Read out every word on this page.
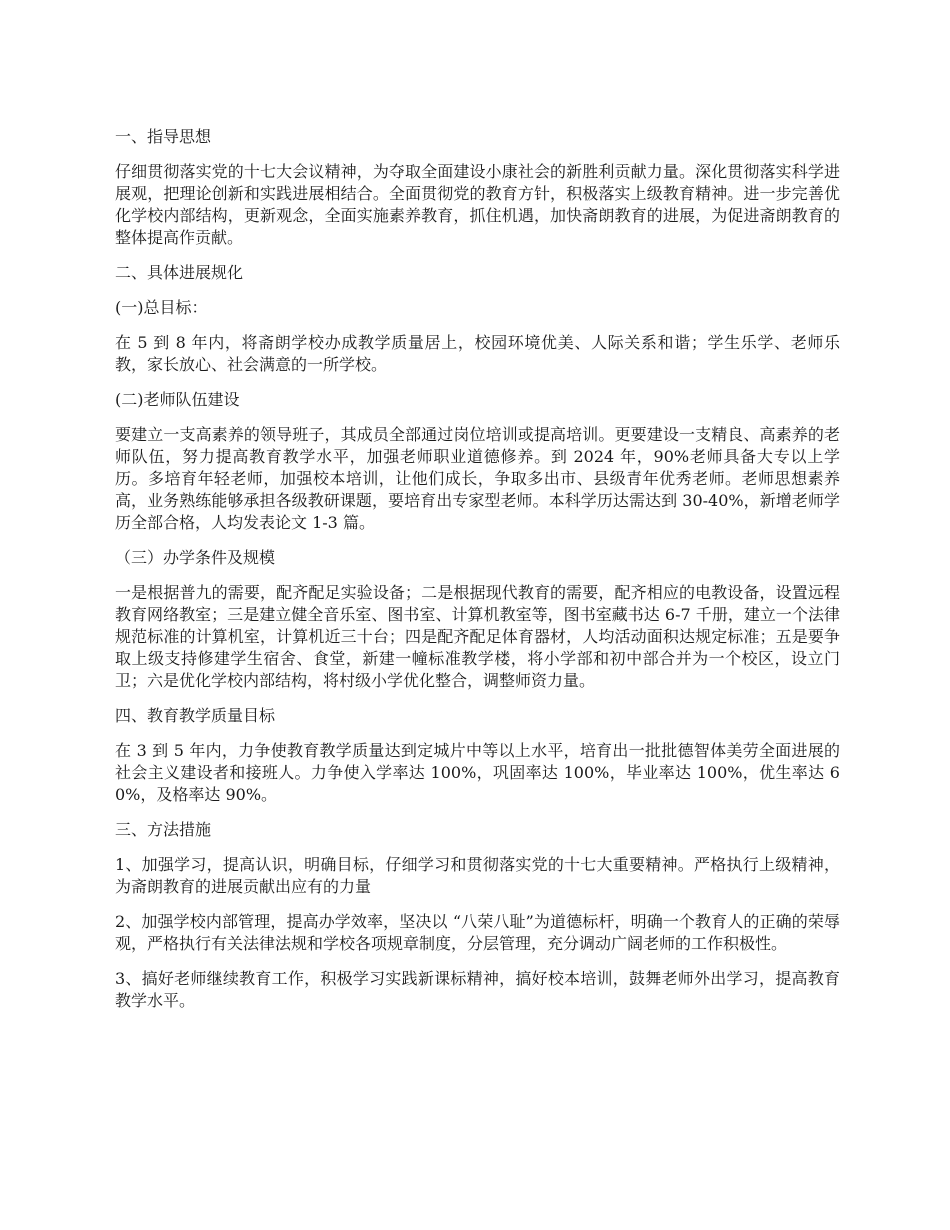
一、指导思想

仔细贯彻落实党的十七大会议精神，为夺取全面建设小康社会的新胜利贡献力量。深化贯彻落实科学进展观，把理论创新和实践进展相结合。全面贯彻党的教育方针，积极落实上级教育精神。进一步完善优化学校内部结构，更新观念，全面实施素养教育，抓住机遇，加快斋朗教育的进展，为促进斋朗教育的整体提高作贡献。

二、具体进展规化

(一)总目标：

在 5 到 8 年内，将斋朗学校办成教学质量居上，校园环境优美、人际关系和谐；学生乐学、老师乐教，家长放心、社会满意的一所学校。

(二)老师队伍建设

要建立一支高素养的领导班子，其成员全部通过岗位培训或提高培训。更要建设一支精良、高素养的老师队伍，努力提高教育教学水平，加强老师职业道德修养。到 2024 年，90%老师具备大专以上学历。多培育年轻老师，加强校本培训，让他们成长，争取多出市、县级青年优秀老师。老师思想素养高，业务熟练能够承担各级教研课题，要培育出专家型老师。本科学历达需达到 30-40%，新增老师学历全部合格，人均发表论文 1-3 篇。

（三）办学条件及规模

一是根据普九的需要，配齐配足实验设备；二是根据现代教育的需要，配齐相应的电教设备，设置远程教育网络教室；三是建立健全音乐室、图书室、计算机教室等，图书室藏书达 6-7 千册，建立一个法律规范标准的计算机室，计算机近三十台；四是配齐配足体育器材，人均活动面积达规定标准；五是要争取上级支持修建学生宿舍、食堂，新建一幢标准教学楼，将小学部和初中部合并为一个校区，设立门卫；六是优化学校内部结构，将村级小学优化整合，调整师资力量。

四、教育教学质量目标

在 3 到 5 年内，力争使教育教学质量达到定城片中等以上水平，培育出一批批德智体美劳全面进展的社会主义建设者和接班人。力争使入学率达 100%，巩固率达 100%，毕业率达 100%，优生率达 60%，及格率达 90%。

三、方法措施

1、加强学习，提高认识，明确目标，仔细学习和贯彻落实党的十七大重要精神。严格执行上级精神，为斋朗教育的进展贡献出应有的力量

2、加强学校内部管理，提高办学效率，坚决以 “八荣八耻”为道德标杆，明确一个教育人的正确的荣辱观，严格执行有关法律法规和学校各项规章制度，分层管理，充分调动广阔老师的工作积极性。

3、搞好老师继续教育工作，积极学习实践新课标精神，搞好校本培训，鼓舞老师外出学习，提高教育教学水平。
